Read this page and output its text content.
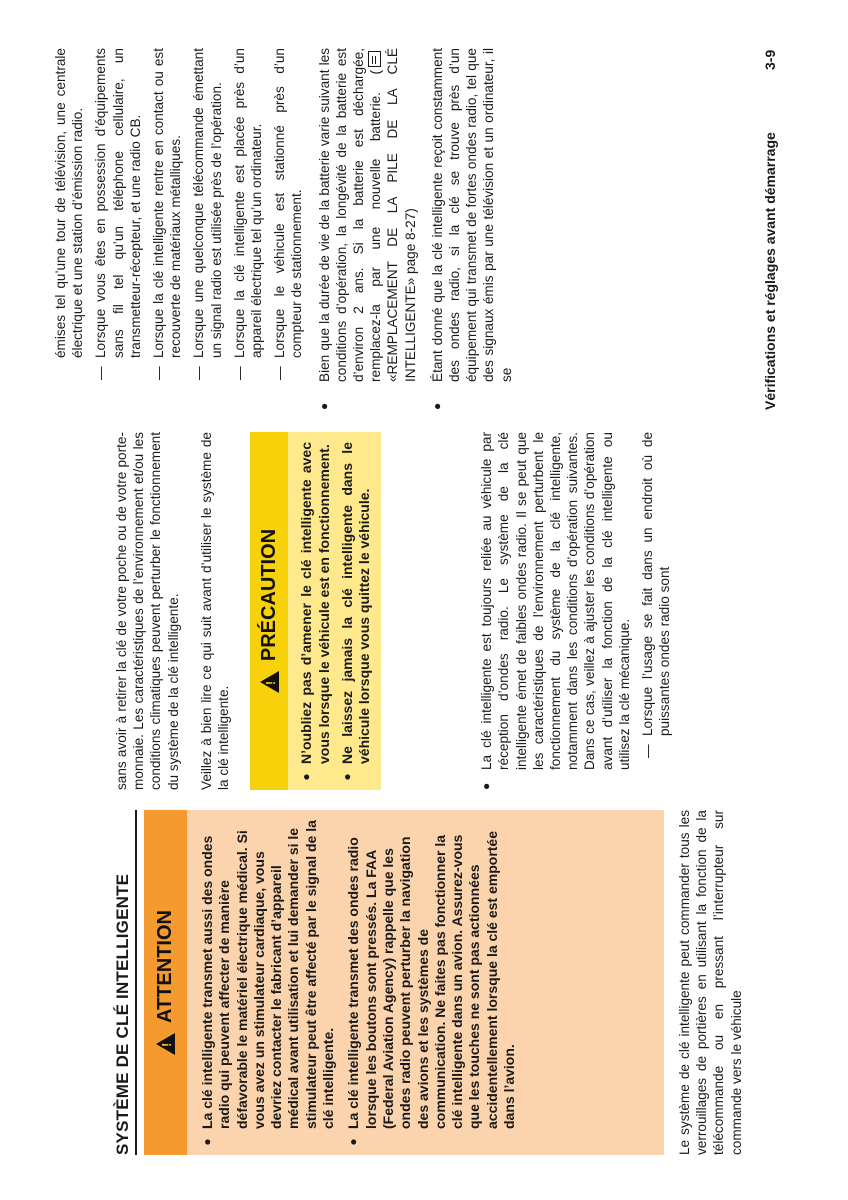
SYSTÈME DE CLÉ INTELLIGENTE
! ATTENTION
●
La clé intelligente transmet aussi des ondes radio qui peuvent affecter de manière défavorable le matériel électrique médical. Si vous avez un stimulateur cardiaque, vous devriez contacter le fabricant d’appareil médical avant utilisation et lui demander si le stimulateur peut être affecté par le signal de la clé intelligente.
●
La clé intelligente transmet des ondes radio lorsque les boutons sont pressés. La FAA (Federal Aviation Agency) rappelle que les ondes radio peuvent perturber la navigation des avions et les systèmes de communication. Ne faites pas fonctionner la clé intelligente dans un avion. Assurez-vous que les touches ne sont pas actionnées accidentellement lorsque la clé est emportée dans l’avion.	Le système de clé intelligente peut commander tous les verrouillages de portières en utilisant la fonction de la télécommande ou en pressant l’interrupteur sur commande vers le véhicule

sans avoir à retirer la clé de votre poche ou de votre porte-monnaie. Les caractéristiques de l’environnement et/ou les conditions climatiques peuvent perturber le fonctionnement du système de la clé intelligente. Veillez à bien lire ce qui suit avant d’utiliser le système de la clé intelligente.

!
PRÉCAUTION
●
N’oubliez pas d’amener le clé intelligente avec vous lorsque le véhicule est en fonctionnement.
●
Ne laissez jamais la clé intelligente dans le véhicule lorsque vous quittez le véhicule.
●
La clé intelligente est toujours reliée au véhicule par réception d’ondes radio. Le système de la clé intelligente émet de faibles ondes radio. Il se peut que les caractéristiques de l’environnement perturbent le fonctionnement du système de la clé intelligente, notamment dans les conditions d’opération suivantes. Dans ce cas, veillez à ajuster les conditions d’opération avant d’utiliser la fonction de la clé intelligente ou utilisez la clé mécanique. —
Lorsque l’usage se fait dans un endroit où de puissantes ondes radio sont

émises tel qu’une tour de télévision, une centrale électrique et une station d’émission radio.

—
Lorsque vous êtes en possession d’équipements sans fil tel qu’un téléphone cellulaire, un transmetteur-récepteur, et une radio CB.
—
Lorsque la clé intelligente rentre en contact ou est recouverte de matériaux métalliques.
—
Lorsque une quelconque télécommande émettant un signal radio est utilisée près de l’opération.
—
Lorsque la clé intelligente est placée près d’un appareil électrique tel qu’un ordinateur.
—
Lorsque le véhicule est stationné près d’un compteur de stationnement.
●
Bien que la durée de vie de la batterie varie suivant les conditions d’opération, la longévité de la batterie est d’environ 2 ans. Si la batterie est déchargée, remplacez-la par une nouvelle batterie. ( «REMPLACEMENT DE LA PILE DE LA CLÉ INTELLIGENTE» page 8-27)
●
Étant donné que la clé intelligente reçoit constamment des ondes radio, si la clé se trouve près d’un équipement qui transmet de fortes ondes radio, tel que des signaux émis par une télévision et un ordinateur, il se	Vérifications et réglages avant démarrage
3-9
